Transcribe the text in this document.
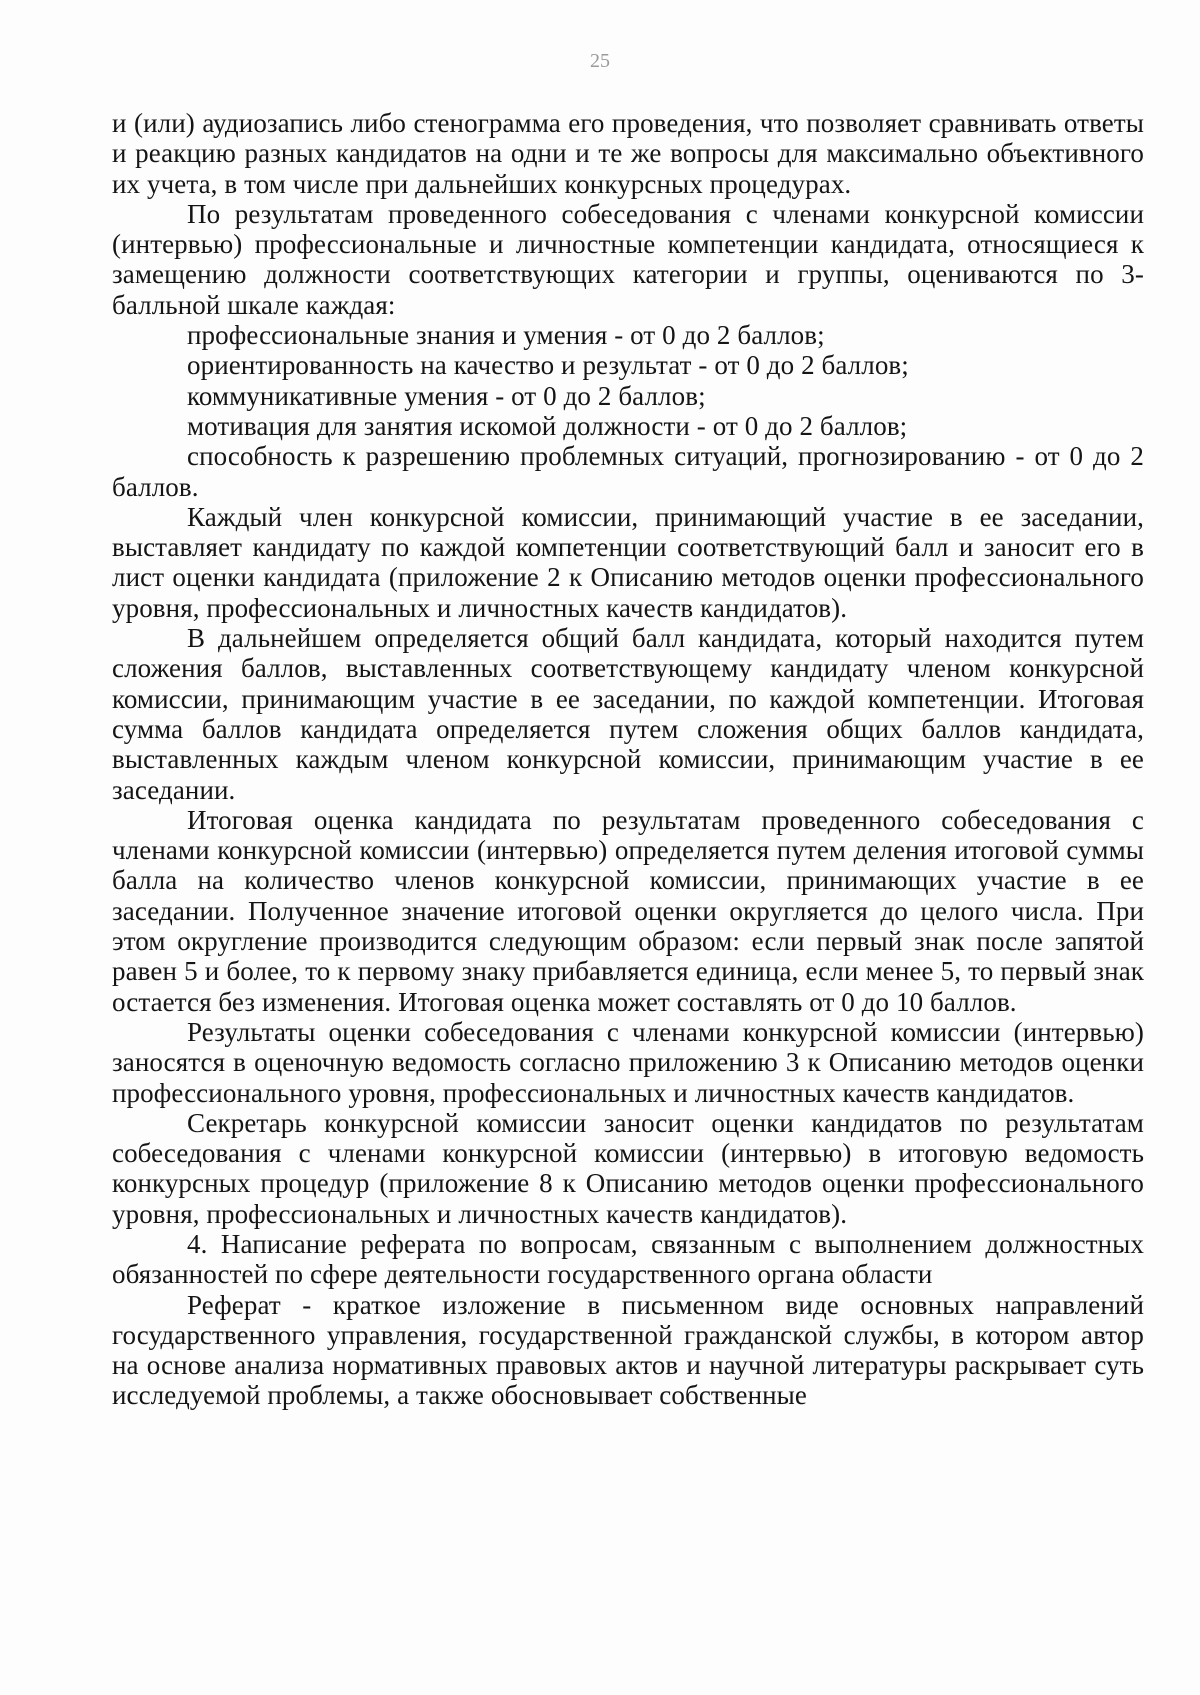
25

и (или) аудиозапись либо стенограмма его проведения, что позволяет сравнивать ответы и реакцию разных кандидатов на одни и те же вопросы для максимально объективного их учета, в том числе при дальнейших конкурсных процедурах.

По результатам проведенного собеседования с членами конкурсной комиссии (интервью) профессиональные и личностные компетенции кандидата, относящиеся к замещению должности соответствующих категории и группы, оцениваются по 3-балльной шкале каждая:

профессиональные знания и умения - от 0 до 2 баллов;

ориентированность на качество и результат - от 0 до 2 баллов;

коммуникативные умения - от 0 до 2 баллов;

мотивация для занятия искомой должности - от 0 до 2 баллов;

способность к разрешению проблемных ситуаций, прогнозированию - от 0 до 2 баллов.

Каждый член конкурсной комиссии, принимающий участие в ее заседании, выставляет кандидату по каждой компетенции соответствующий балл и заносит его в лист оценки кандидата (приложение 2 к Описанию методов оценки профессионального уровня, профессиональных и личностных качеств кандидатов).

В дальнейшем определяется общий балл кандидата, который находится путем сложения баллов, выставленных соответствующему кандидату членом конкурсной комиссии, принимающим участие в ее заседании, по каждой компетенции. Итоговая сумма баллов кандидата определяется путем сложения общих баллов кандидата, выставленных каждым членом конкурсной комиссии, принимающим участие в ее заседании.

Итоговая оценка кандидата по результатам проведенного собеседования с членами конкурсной комиссии (интервью) определяется путем деления итоговой суммы балла на количество членов конкурсной комиссии, принимающих участие в ее заседании. Полученное значение итоговой оценки округляется до целого числа. При этом округление производится следующим образом: если первый знак после запятой равен 5 и более, то к первому знаку прибавляется единица, если менее 5, то первый знак остается без изменения. Итоговая оценка может составлять от 0 до 10 баллов.

Результаты оценки собеседования с членами конкурсной комиссии (интервью) заносятся в оценочную ведомость согласно приложению 3 к Описанию методов оценки профессионального уровня, профессиональных и личностных качеств кандидатов.

Секретарь конкурсной комиссии заносит оценки кандидатов по результатам собеседования с членами конкурсной комиссии (интервью) в итоговую ведомость конкурсных процедур (приложение 8 к Описанию методов оценки профессионального уровня, профессиональных и личностных качеств кандидатов).

4. Написание реферата по вопросам, связанным с выполнением должностных обязанностей по сфере деятельности государственного органа области

Реферат - краткое изложение в письменном виде основных направлений государственного управления, государственной гражданской службы, в котором автор на основе анализа нормативных правовых актов и научной литературы раскрывает суть исследуемой проблемы, а также обосновывает собственные
